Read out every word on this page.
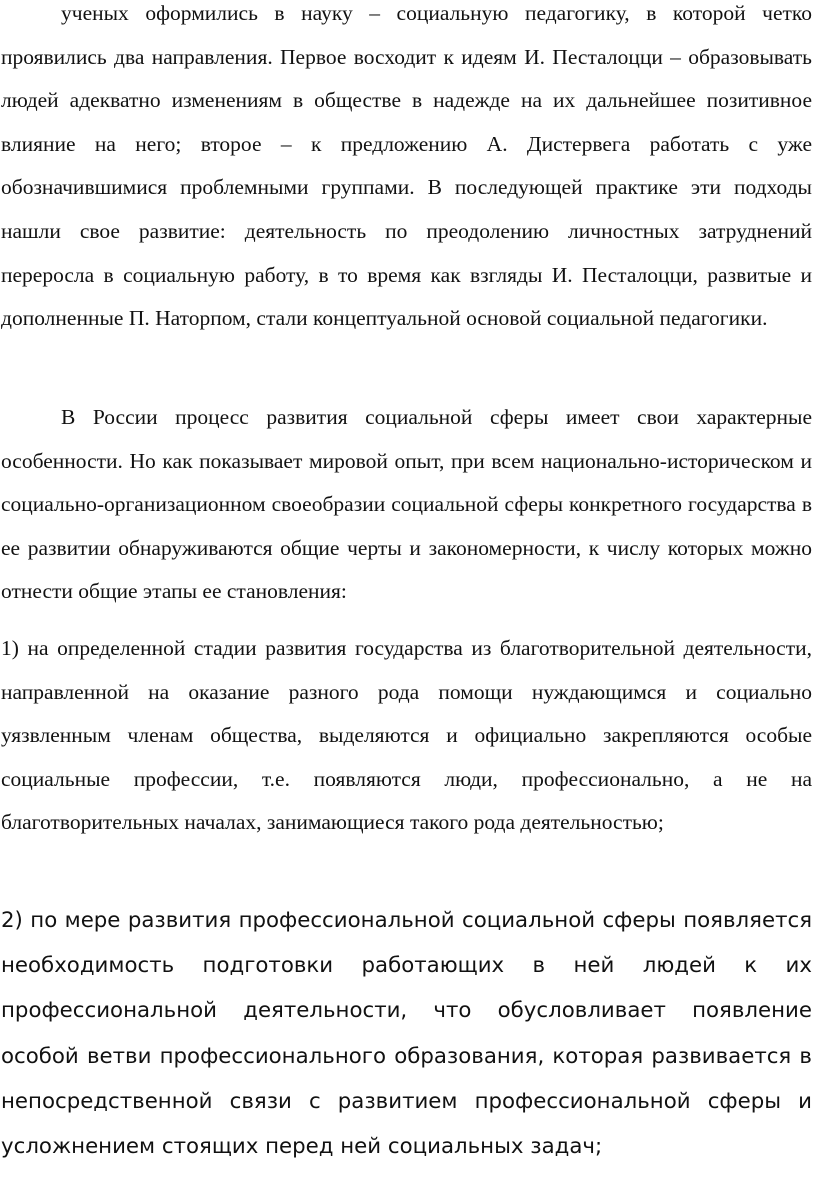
ученых оформились в науку – социальную педагогику, в которой четко проявились два направления. Первое восходит к идеям И. Песталоцци – образовывать людей адекватно изменениям в обществе в надежде на их дальнейшее позитивное влияние на него; второе – к предложению А. Дистервега работать с уже обозначившимися проблемными группами. В последующей практике эти подходы нашли свое развитие: деятельность по преодолению личностных затруднений переросла в социальную работу, в то время как взгляды И. Песталоцци, развитые и дополненные П. Наторпом, стали концептуальной основой социальной педагогики.

В России процесс развития социальной сферы имеет свои характерные особенности. Но как показывает мировой опыт, при всем национально-историческом и социально-организационном своеобразии социальной сферы конкретного государства в ее развитии обнаруживаются общие черты и закономерности, к числу которых можно отнести общие этапы ее становления:

1) на определенной стадии развития государства из благотворительной деятельности, направленной на оказание разного рода помощи нуждающимся и социально уязвленным членам общества, выделяются и официально закрепляются особые социальные профессии, т.е. появляются люди, профессионально, а не на благотворительных началах, занимающиеся такого рода деятельностью;

2) по мере развития профессиональной социальной сферы появляется необходимость подготовки работающих в ней людей к их профессиональной деятельности, что обусловливает появление особой ветви профессионального образования, которая развивается в непосредственной связи с развитием профессиональной сферы и усложнением стоящих перед ней социальных задач;
